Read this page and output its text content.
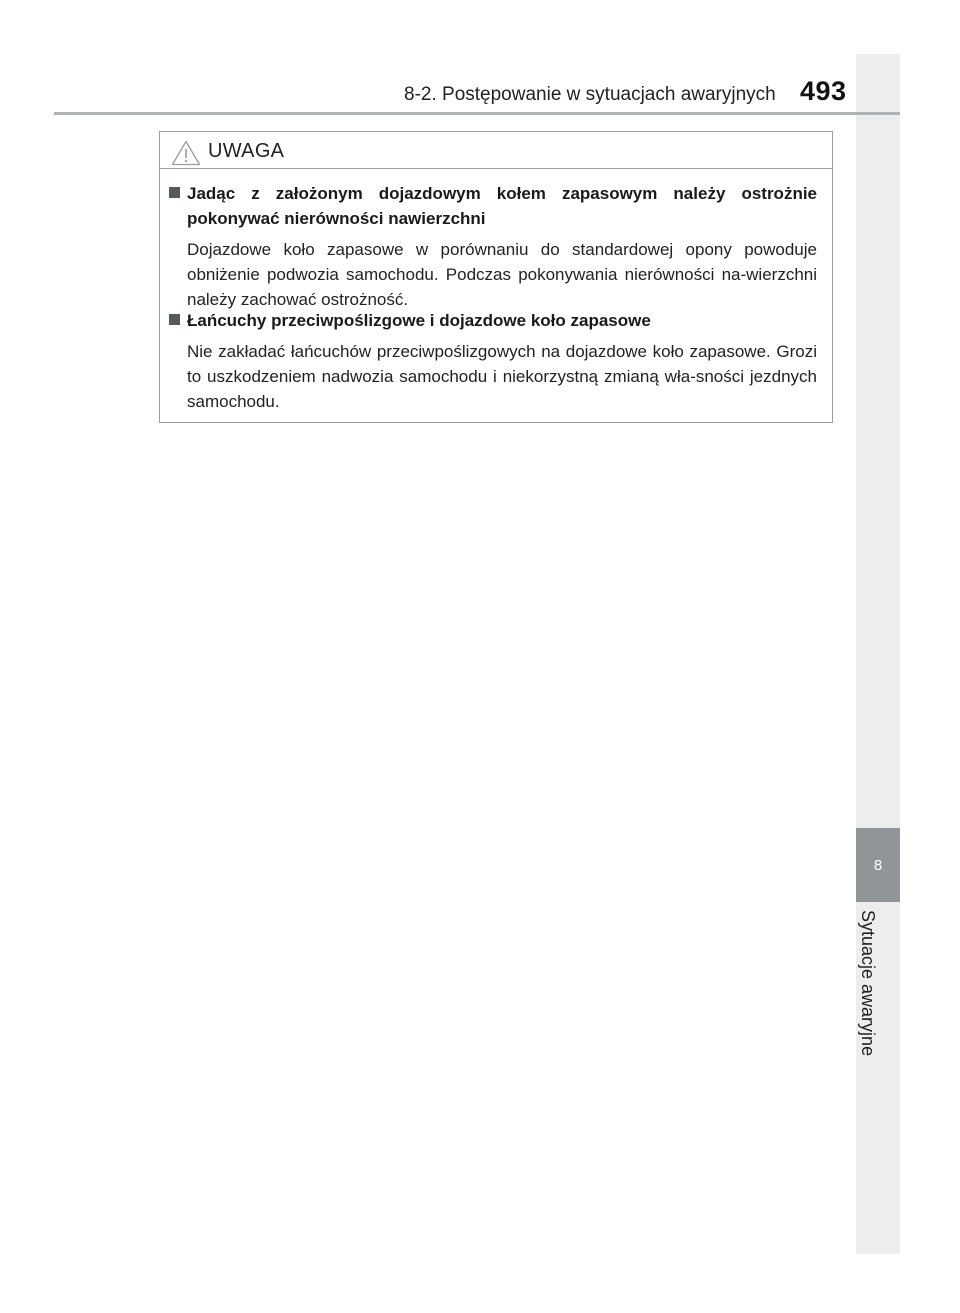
8
Sytuacje awaryjne
8-2. Postępowanie w sytuacjach awaryjnych 493
UWAGA
Jadąc z założonym dojazdowym kołem zapasowym należy ostrożnie pokonywać nierówności nawierzchni
Dojazdowe koło zapasowe w porównaniu do standardowej opony powoduje obniżenie podwozia samochodu. Podczas pokonywania nierówności na-wierzchni należy zachować ostrożność.
Łańcuchy przeciwpoślizgowe i dojazdowe koło zapasowe
Nie zakładać łańcuchów przeciwpoślizgowych na dojazdowe koło zapasowe. Grozi to uszkodzeniem nadwozia samochodu i niekorzystną zmianą wła-sności jezdnych samochodu.
